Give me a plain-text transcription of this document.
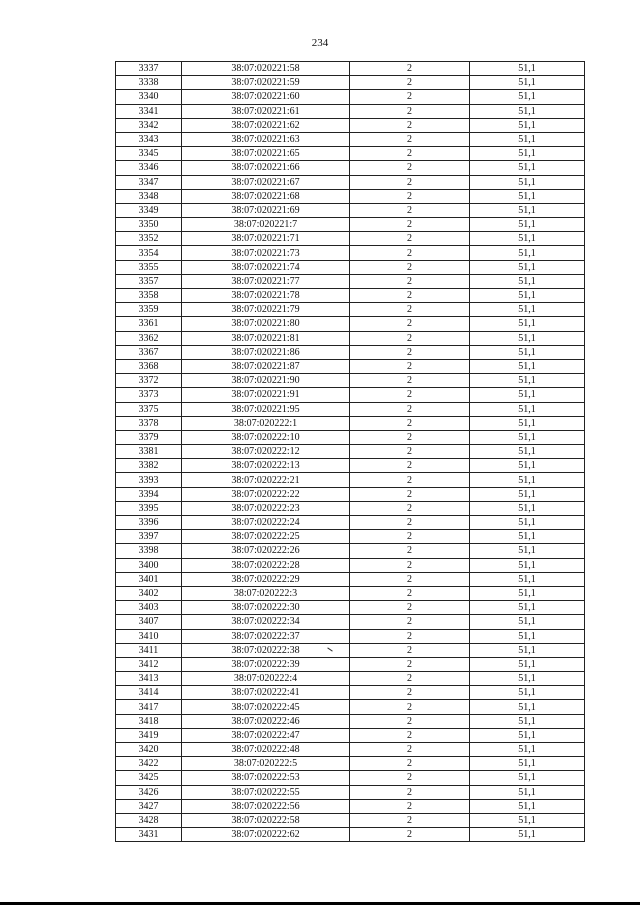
234
3337	38:07:020221:58	2	51,1
3338	38:07:020221:59	2	51,1
3340	38:07:020221:60	2	51,1
3341	38:07:020221:61	2	51,1
3342	38:07:020221:62	2	51,1
3343	38:07:020221:63	2	51,1
3345	38:07:020221:65	2	51,1
3346	38:07:020221:66	2	51,1
3347	38:07:020221:67	2	51,1
3348	38:07:020221:68	2	51,1
3349	38:07:020221:69	2	51,1
3350	38:07:020221:7	2	51,1
3352	38:07:020221:71	2	51,1
3354	38:07:020221:73	2	51,1
3355	38:07:020221:74	2	51,1
3357	38:07:020221:77	2	51,1
3358	38:07:020221:78	2	51,1
3359	38:07:020221:79	2	51,1
3361	38:07:020221:80	2	51,1
3362	38:07:020221:81	2	51,1
3367	38:07:020221:86	2	51,1
3368	38:07:020221:87	2	51,1
3372	38:07:020221:90	2	51,1
3373	38:07:020221:91	2	51,1
3375	38:07:020221:95	2	51,1
3378	38:07:020222:1	2	51,1
3379	38:07:020222:10	2	51,1
3381	38:07:020222:12	2	51,1
3382	38:07:020222:13	2	51,1
3393	38:07:020222:21	2	51,1
3394	38:07:020222:22	2	51,1
3395	38:07:020222:23	2	51,1
3396	38:07:020222:24	2	51,1
3397	38:07:020222:25	2	51,1
3398	38:07:020222:26	2	51,1
3400	38:07:020222:28	2	51,1
3401	38:07:020222:29	2	51,1
3402	38:07:020222:3	2	51,1
3403	38:07:020222:30	2	51,1
3407	38:07:020222:34	2	51,1
3410	38:07:020222:37	2	51,1
3411	38:07:020222:38	2	51,1
3412	38:07:020222:39	2	51,1
3413	38:07:020222:4	2	51,1
3414	38:07:020222:41	2	51,1
3417	38:07:020222:45	2	51,1
3418	38:07:020222:46	2	51,1
3419	38:07:020222:47	2	51,1
3420	38:07:020222:48	2	51,1
3422	38:07:020222:5	2	51,1
3425	38:07:020222:53	2	51,1
3426	38:07:020222:55	2	51,1
3427	38:07:020222:56	2	51,1
3428	38:07:020222:58	2	51,1
3431	38:07:020222:62	2	51,1
